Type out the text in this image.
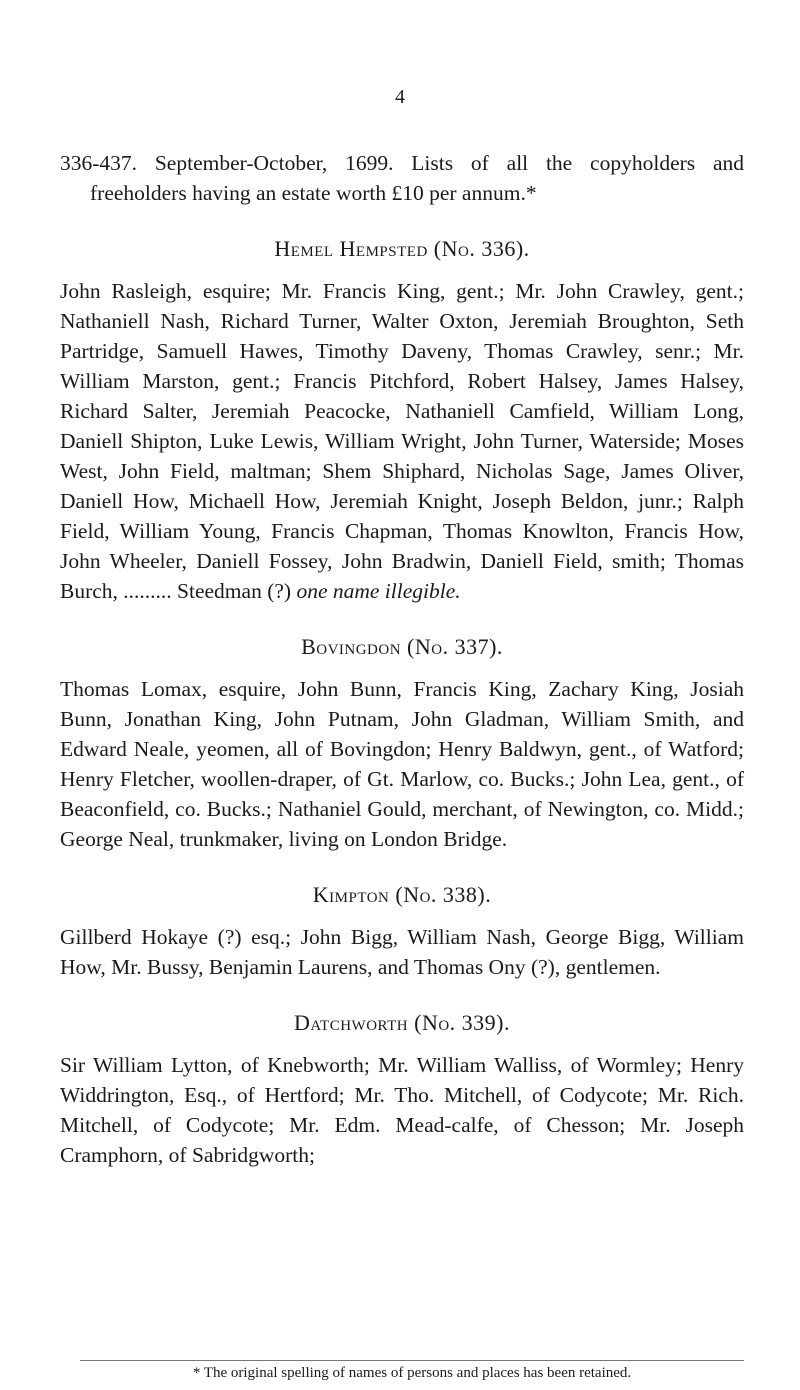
4

336-437. September-October, 1699. Lists of all the copyholders and freeholders having an estate worth £10 per annum.*

Hemel Hempsted (No. 336).

John Rasleigh, esquire; Mr. Francis King, gent.; Mr. John Crawley, gent.; Nathaniell Nash, Richard Turner, Walter Oxton, Jeremiah Broughton, Seth Partridge, Samuell Hawes, Timothy Daveny, Thomas Crawley, senr.; Mr. William Marston, gent.; Francis Pitchford, Robert Halsey, James Halsey, Richard Salter, Jeremiah Peacocke, Nathaniell Camfield, William Long, Daniell Shipton, Luke Lewis, William Wright, John Turner, Waterside; Moses West, John Field, maltman; Shem Shiphard, Nicholas Sage, James Oliver, Daniell How, Michaell How, Jeremiah Knight, Joseph Beldon, junr.; Ralph Field, William Young, Francis Chapman, Thomas Knowlton, Francis How, John Wheeler, Daniell Fossey, John Bradwin, Daniell Field, smith; Thomas Burch, ......... Steedman (?) one name illegible.

Bovingdon (No. 337).

Thomas Lomax, esquire, John Bunn, Francis King, Zachary King, Josiah Bunn, Jonathan King, John Putnam, John Gladman, William Smith, and Edward Neale, yeomen, all of Bovingdon; Henry Baldwyn, gent., of Watford; Henry Fletcher, woollen-draper, of Gt. Marlow, co. Bucks.; John Lea, gent., of Beaconfield, co. Bucks.; Nathaniel Gould, merchant, of Newington, co. Midd.; George Neal, trunkmaker, living on London Bridge.

Kimpton (No. 338).

Gillberd Hokaye (?) esq.; John Bigg, William Nash, George Bigg, William How, Mr. Bussy, Benjamin Laurens, and Thomas Ony (?), gentlemen.

Datchworth (No. 339).

Sir William Lytton, of Knebworth; Mr. William Walliss, of Wormley; Henry Widdrington, Esq., of Hertford; Mr. Tho. Mitchell, of Codycote; Mr. Rich. Mitchell, of Codycote; Mr. Edm. Mead-calfe, of Chesson; Mr. Joseph Cramphorn, of Sabridgworth;

* The original spelling of names of persons and places has been retained.
